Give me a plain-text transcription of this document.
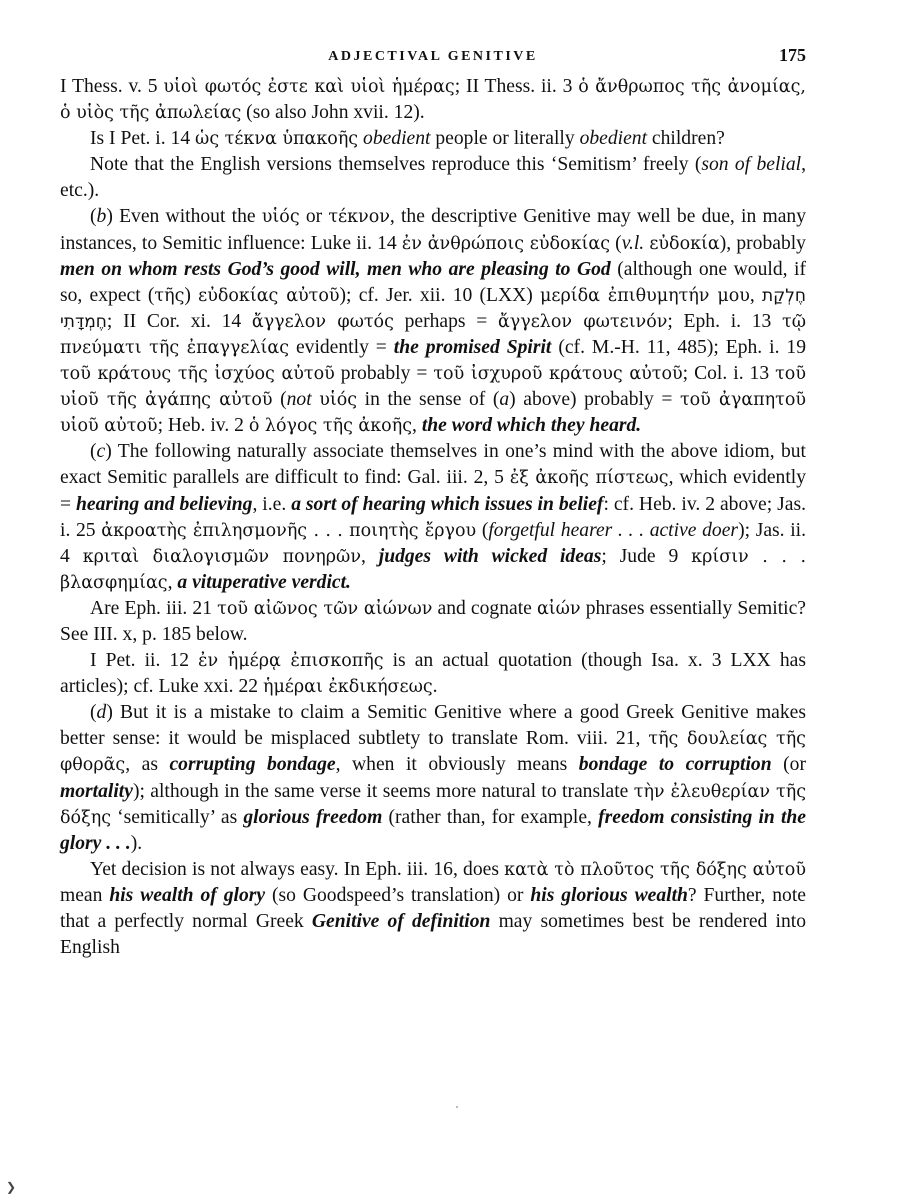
ADJECTIVAL GENITIVE	175

I Thess. v. 5 υἱοὶ φωτός ἐστε καὶ υἱοὶ ἡμέρας; II Thess. ii. 3 ὁ ἄνθρωπος τῆς ἀνομίας, ὁ υἱὸς τῆς ἀπωλείας (so also John xvii. 12).

Is I Pet. i. 14 ὡς τέκνα ὑπακοῆς obedient people or literally obedient children?

Note that the English versions themselves reproduce this ‘Semitism’ freely (son of belial, etc.).

(b) Even without the υἱός or τέκνον, the descriptive Genitive may well be due, in many instances, to Semitic influence: Luke ii. 14 ἐν ἀνθρώποις εὐδοκίας (v.l. εὐδοκία), probably men on whom rests God’s good will, men who are pleasing to God (although one would, if so, expect (τῆς) εὐδοκίας αὐτοῦ); cf. Jer. xii. 10 (LXX) μερίδα ἐπιθυμητήν μου, חֶלְקַת חֶמְדָּתִי; II Cor. xi. 14 ἄγγελον φωτός perhaps = ἄγγελον φωτεινόν; Eph. i. 13 τῷ πνεύματι τῆς ἐπαγγελίας evidently = the promised Spirit (cf. M.-H. 11, 485); Eph. i. 19 τοῦ κράτους τῆς ἰσχύος αὐτοῦ probably = τοῦ ἰσχυροῦ κράτους αὐτοῦ; Col. i. 13 τοῦ υἱοῦ τῆς ἀγάπης αὐτοῦ (not υἱός in the sense of (a) above) probably = τοῦ ἀγαπητοῦ υἱοῦ αὐτοῦ; Heb. iv. 2 ὁ λόγος τῆς ἀκοῆς, the word which they heard.

(c) The following naturally associate themselves in one’s mind with the above idiom, but exact Semitic parallels are difficult to find: Gal. iii. 2, 5 ἐξ ἀκοῆς πίστεως, which evidently = hearing and believing, i.e. a sort of hearing which issues in belief: cf. Heb. iv. 2 above; Jas. i. 25 ἀκροατὴς ἐπιλησμονῆς . . . ποιητὴς ἔργου (forgetful hearer . . . active doer); Jas. ii. 4 κριταὶ διαλογισμῶν πονηρῶν, judges with wicked ideas; Jude 9 κρίσιν . . . βλασφημίας, a vituperative verdict.

Are Eph. iii. 21 τοῦ αἰῶνος τῶν αἰώνων and cognate αἰών phrases essentially Semitic? See III. x, p. 185 below.

I Pet. ii. 12 ἐν ἡμέρᾳ ἐπισκοπῆς is an actual quotation (though Isa. x. 3 LXX has articles); cf. Luke xxi. 22 ἡμέραι ἐκδικήσεως.

(d) But it is a mistake to claim a Semitic Genitive where a good Greek Genitive makes better sense: it would be misplaced subtlety to translate Rom. viii. 21, τῆς δουλείας τῆς φθορᾶς, as corrupting bondage, when it obviously means bondage to corruption (or mortality); although in the same verse it seems more natural to translate τὴν ἐλευθερίαν τῆς δόξης ‘semitically’ as glorious freedom (rather than, for example, freedom consisting in the glory . . .).

Yet decision is not always easy. In Eph. iii. 16, does κατὰ τὸ πλοῦτος τῆς δόξης αὐτοῦ mean his wealth of glory (so Goodspeed’s translation) or his glorious wealth? Further, note that a perfectly normal Greek Genitive of definition may sometimes best be rendered into English

❯
